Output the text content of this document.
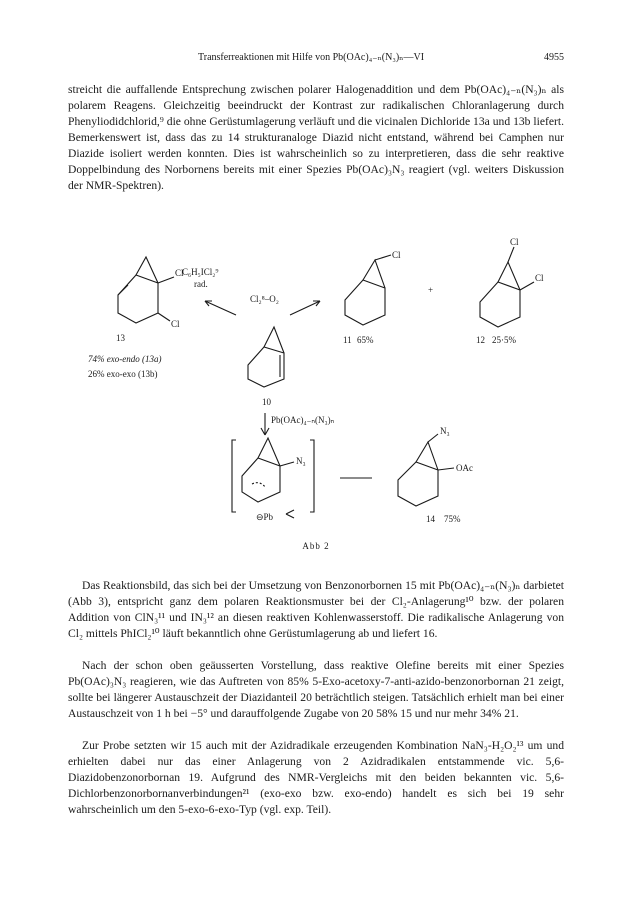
Transferreaktionen mit Hilfe von Pb(OAc)₄₋ₙ(N₃)ₙ—VI	4955

streicht die auffallende Entsprechung zwischen polarer Halogenaddition und dem Pb(OAc)₄₋ₙ(N₃)ₙ als polarem Reagens. Gleichzeitig beeindruckt der Kontrast zur radikalischen Chloranlagerung durch Phenyliodidchlorid,⁹ die ohne Gerüstumlagerung verläuft und die vicinalen Dichloride 13a und 13b liefert. Bemerkenswert ist, dass das zu 14 strukturanaloge Diazid nicht entstand, während bei Camphen nur Diazide isoliert werden konnten. Dies ist wahrscheinlich so zu interpretieren, dass die sehr reaktive Doppelbindung des Norbornens bereits mit einer Spezies Pb(OAc)₃N₃ reagiert (vgl. weiters Diskussion der NMR-Spektren).

Cl
Cl
13
C₆H₅ICl₂⁹
rad.
Cl₂⁸–O₂
Cl
11 65%
+
Cl
Cl
12 25·5%
74% exo-endo (13a)
26% exo-exo (13b)
10
Pb(OAc)₄₋ₙ(N₃)ₙ
N₃
⊖Pb
N₃
OAc
14 75%
Abb 2

Das Reaktionsbild, das sich bei der Umsetzung von Benzonorbornen 15 mit Pb(OAc)₄₋ₙ(N₃)ₙ darbietet (Abb 3), entspricht ganz dem polaren Reaktionsmuster bei der Cl₂-Anlagerung¹⁰ bzw. der polaren Addition von ClN₃¹¹ und IN₃¹² an diesen reaktiven Kohlenwasserstoff. Die radikalische Anlagerung von Cl₂ mittels PhICl₂¹⁰ läuft bekanntlich ohne Gerüstumlagerung ab und liefert 16.

Nach der schon oben geäusserten Vorstellung, dass reaktive Olefine bereits mit einer Spezies Pb(OAc)₃N₃ reagieren, wie das Auftreten von 85% 5-Exo-acetoxy-7-anti-azido-benzonorbornan 21 zeigt, sollte bei längerer Austauschzeit der Diazidanteil 20 beträchtlich steigen. Tatsächlich erhielt man bei einer Austauschzeit von 1 h bei −5° und darauffolgende Zugabe von 20 58% 15 und nur mehr 34% 21.

Zur Probe setzten wir 15 auch mit der Azidradikale erzeugenden Kombination NaN₃-H₂O₂¹³ um und erhielten dabei nur das einer Anlagerung von 2 Azidradikalen entstammende vic. 5,6-Diazidobenzonorbornan 19. Aufgrund des NMR-Vergleichs mit den beiden bekannten vic. 5,6-Dichlorbenzonorbornanverbindungen²¹ (exo-exo bzw. exo-endo) handelt es sich bei 19 sehr wahrscheinlich um den 5-exo-6-exo-Typ (vgl. exp. Teil).
